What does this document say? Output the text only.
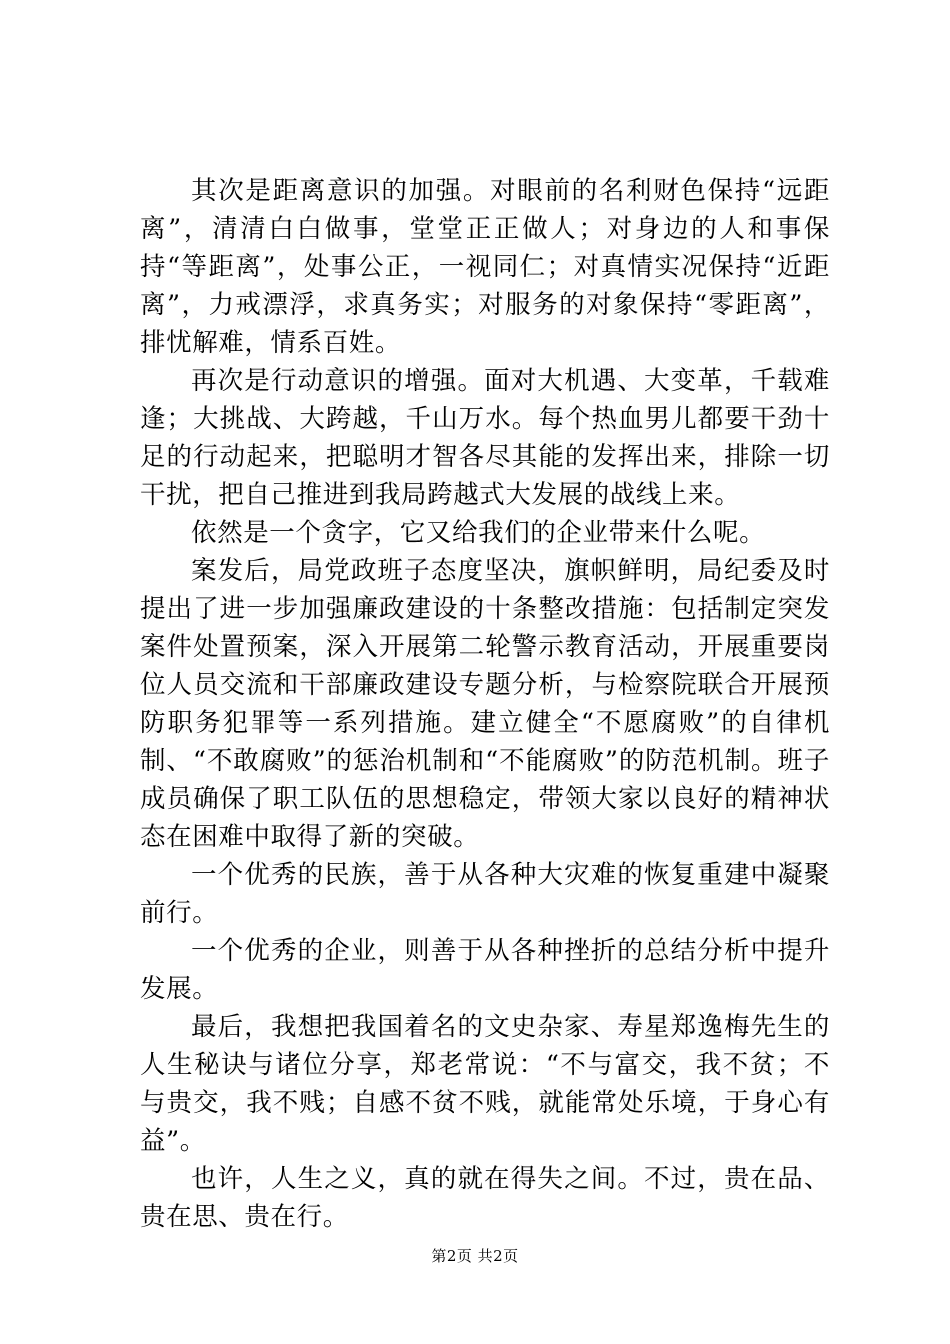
其次是距离意识的加强。对眼前的名利财色保持“远距离”，清清白白做事，堂堂正正做人；对身边的人和事保持“等距离”，处事公正，一视同仁；对真情实况保持“近距离”，力戒漂浮，求真务实；对服务的对象保持“零距离”，排忧解难，情系百姓。

再次是行动意识的增强。面对大机遇、大变革，千载难逢；大挑战、大跨越，千山万水。每个热血男儿都要干劲十足的行动起来，把聪明才智各尽其能的发挥出来，排除一切干扰，把自己推进到我局跨越式大发展的战线上来。

依然是一个贪字，它又给我们的企业带来什么呢。

案发后，局党政班子态度坚决，旗帜鲜明，局纪委及时提出了进一步加强廉政建设的十条整改措施：包括制定突发案件处置预案，深入开展第二轮警示教育活动，开展重要岗位人员交流和干部廉政建设专题分析，与检察院联合开展预防职务犯罪等一系列措施。建立健全“不愿腐败”的自律机制、“不敢腐败”的惩治机制和“不能腐败”的防范机制。班子成员确保了职工队伍的思想稳定，带领大家以良好的精神状态在困难中取得了新的突破。

一个优秀的民族，善于从各种大灾难的恢复重建中凝聚前行。

一个优秀的企业，则善于从各种挫折的总结分析中提升发展。

最后，我想把我国着名的文史杂家、寿星郑逸梅先生的人生秘诀与诸位分享，郑老常说：“不与富交，我不贫；不与贵交，我不贱；自感不贫不贱，就能常处乐境，于身心有益”。

也许，人生之义，真的就在得失之间。不过，贵在品、贵在思、贵在行。

第2页 共2页
